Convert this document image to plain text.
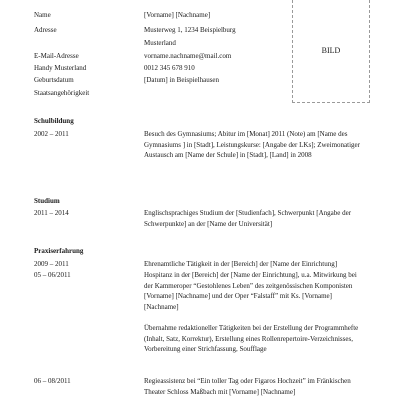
BILD
Name	[Vorname] [Nachname]
Adresse	Musterweg 1, 1234 Beispielburg
Musterland
E-Mail-Adresse	vorname.nachname@mail.com
Handy Musterland	0012 345 678 910
Geburtsdatum	[Datum] in Beispielhausen
Staatsangehörigkeit
Schulbildung
2002 – 2011	Besuch des Gymnasiums; Abitur im [Monat] 2011 (Note) am [Name des Gymnasiums ] in [Stadt], Leistungskurse: [Angabe der LKs]; Zweimonatiger Austausch am [Name der Schule] in [Stadt], [Land] in 2008
Studium
2011 – 2014	Englischsprachiges Studium der [Studienfach], Schwerpunkt [Angabe der Schwerpunkte] an der [Name der Universität]
Praxiserfahrung
2009 – 2011	Ehrenamtliche Tätigkeit in der [Bereich] der [Name der Einrichtung]
05 – 06/2011	Hospitanz in der [Bereich] der [Name der Einrichtung], u.a. Mitwirkung bei der Kammeroper “Gestohlenes Leben” des zeitgenössischen Komponisten [Vorname] [Nachname] und der Oper “Falstaff” mit Ks. [Vorname] [Nachname]
Übernahme redaktioneller Tätigkeiten bei der Erstellung der Programmhefte (Inhalt, Satz, Korrektur), Erstellung eines Rollenrepertoire-Verzeichnisses, Vorbereitung einer Strichfassung, Soufflage
06 – 08/2011	Regieassistenz bei “Ein toller Tag oder Figaros Hochzeit” im Fränkischen Theater Schloss Maßbach mit [Vorname] [Nachname]
